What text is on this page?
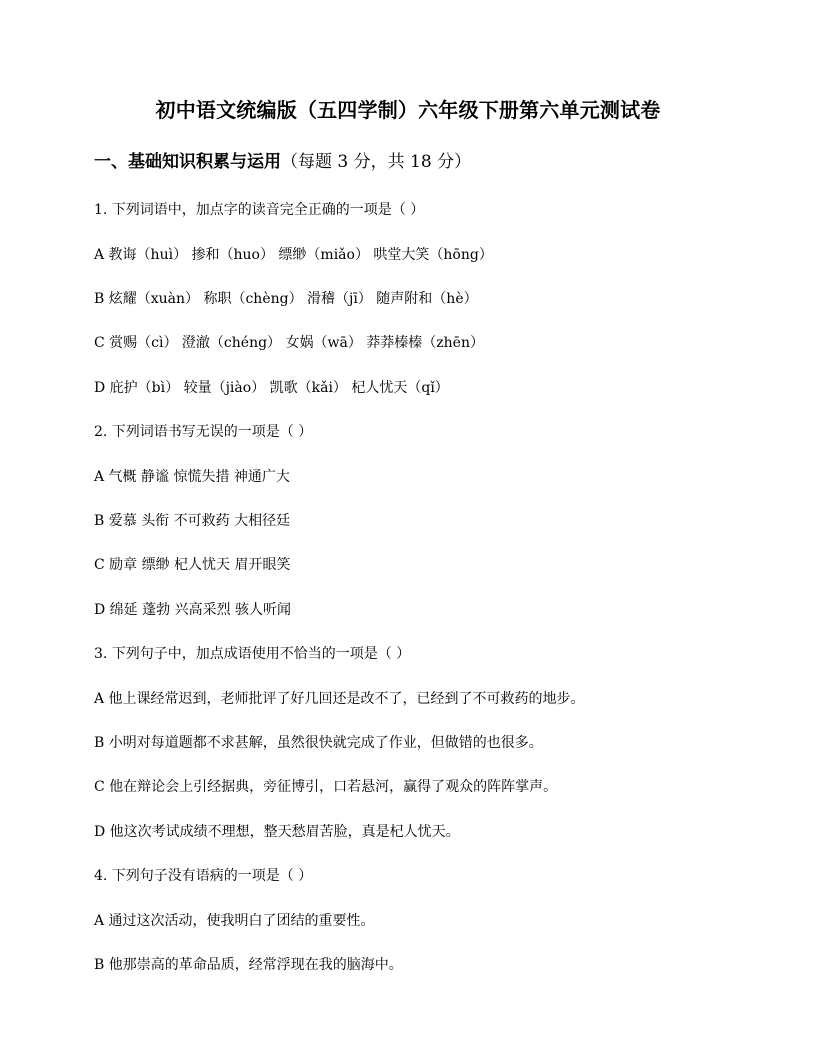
初中语文统编版（五四学制）六年级下册第六单元测试卷
一、基础知识积累与运用（每题 3 分，共 18 分）
1. 下列词语中，加点字的读音完全正确的一项是（ ）
A 教诲（huì） 掺和（huo） 缥缈（miǎo） 哄堂大笑（hōng）
B 炫耀（xuàn） 称职（chèng） 滑稽（jī） 随声附和（hè）
C 赏赐（cì） 澄澈（chéng） 女娲（wā） 莽莽榛榛（zhēn）
D 庇护（bì） 较量（jiào） 凯歌（kǎi） 杞人忧天（qǐ）
2. 下列词语书写无误的一项是（ ）
A 气概 静谧 惊慌失措 神通广大
B 爱慕 头衔 不可救药 大相径廷
C 励章 缥缈 杞人忧天 眉开眼笑
D 绵延 蓬勃 兴高采烈 骇人听闻
3. 下列句子中，加点成语使用不恰当的一项是（ ）
A 他上课经常迟到，老师批评了好几回还是改不了，已经到了不可救药的地步。
B 小明对每道题都不求甚解，虽然很快就完成了作业，但做错的也很多。
C 他在辩论会上引经据典，旁征博引，口若悬河，赢得了观众的阵阵掌声。
D 他这次考试成绩不理想，整天愁眉苦脸，真是杞人忧天。
4. 下列句子没有语病的一项是（ ）
A 通过这次活动，使我明白了团结的重要性。
B 他那崇高的革命品质，经常浮现在我的脑海中。
